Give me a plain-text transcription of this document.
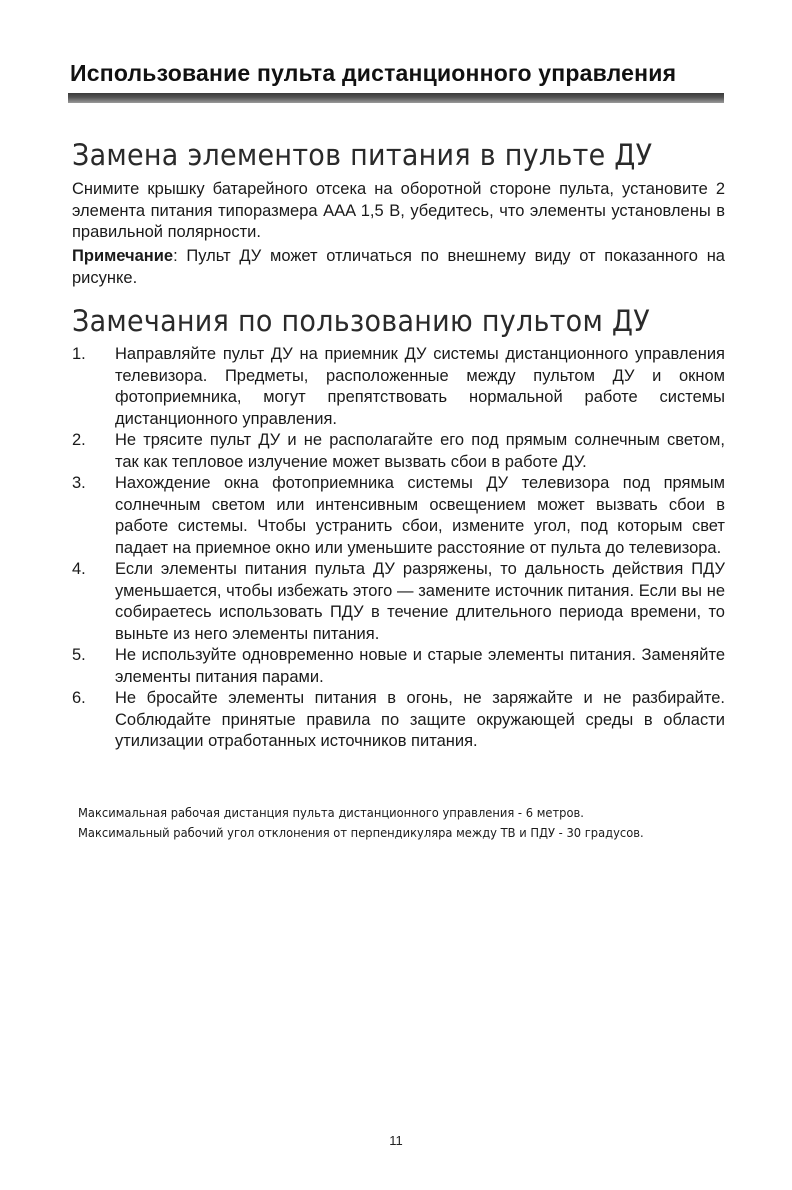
Использование пульта дистанционного управления
Замена элементов питания в пульте ДУ
Снимите крышку батарейного отсека на оборотной стороне пульта, установите 2 элемента питания типоразмера AAA 1,5 В, убедитесь, что элементы установлены в правильной полярности.
Примечание: Пульт ДУ может отличаться по внешнему виду от показанного на рисунке.
Замечания по пользованию пультом ДУ
1.	Направляйте пульт ДУ на приемник ДУ системы дистанционного управления телевизора. Предметы, расположенные между пультом ДУ и окном фотоприемника, могут препятствовать нормальной работе системы дистанционного управления.
2.	Не трясите пульт ДУ и не располагайте его под прямым солнечным светом, так как тепловое излучение может вызвать сбои в работе ДУ.
3.	Нахождение окна фотоприемника системы ДУ телевизора под прямым солнечным светом или интенсивным освещением может вызвать сбои в работе системы. Чтобы устранить сбои, измените угол, под которым свет падает на приемное окно или уменьшите расстояние от пульта до телевизора.
4.	Если элементы питания пульта ДУ разряжены, то дальность действия ПДУ уменьшается, чтобы избежать этого — замените источник питания. Если вы не собираетесь использовать ПДУ в течение длительного периода времени, то выньте из него элементы питания.
5.	Не используйте одновременно новые и старые элементы питания. Заменяйте элементы питания парами.
6.	Не бросайте элементы питания в огонь, не заряжайте и не разбирайте. Соблюдайте принятые правила по защите окружающей среды в области утилизации отработанных источников питания.
Максимальная рабочая дистанция пульта дистанционного управления - 6 метров.
Максимальный рабочий угол отклонения от перпендикуляра между ТВ и ПДУ - 30 градусов.
11
